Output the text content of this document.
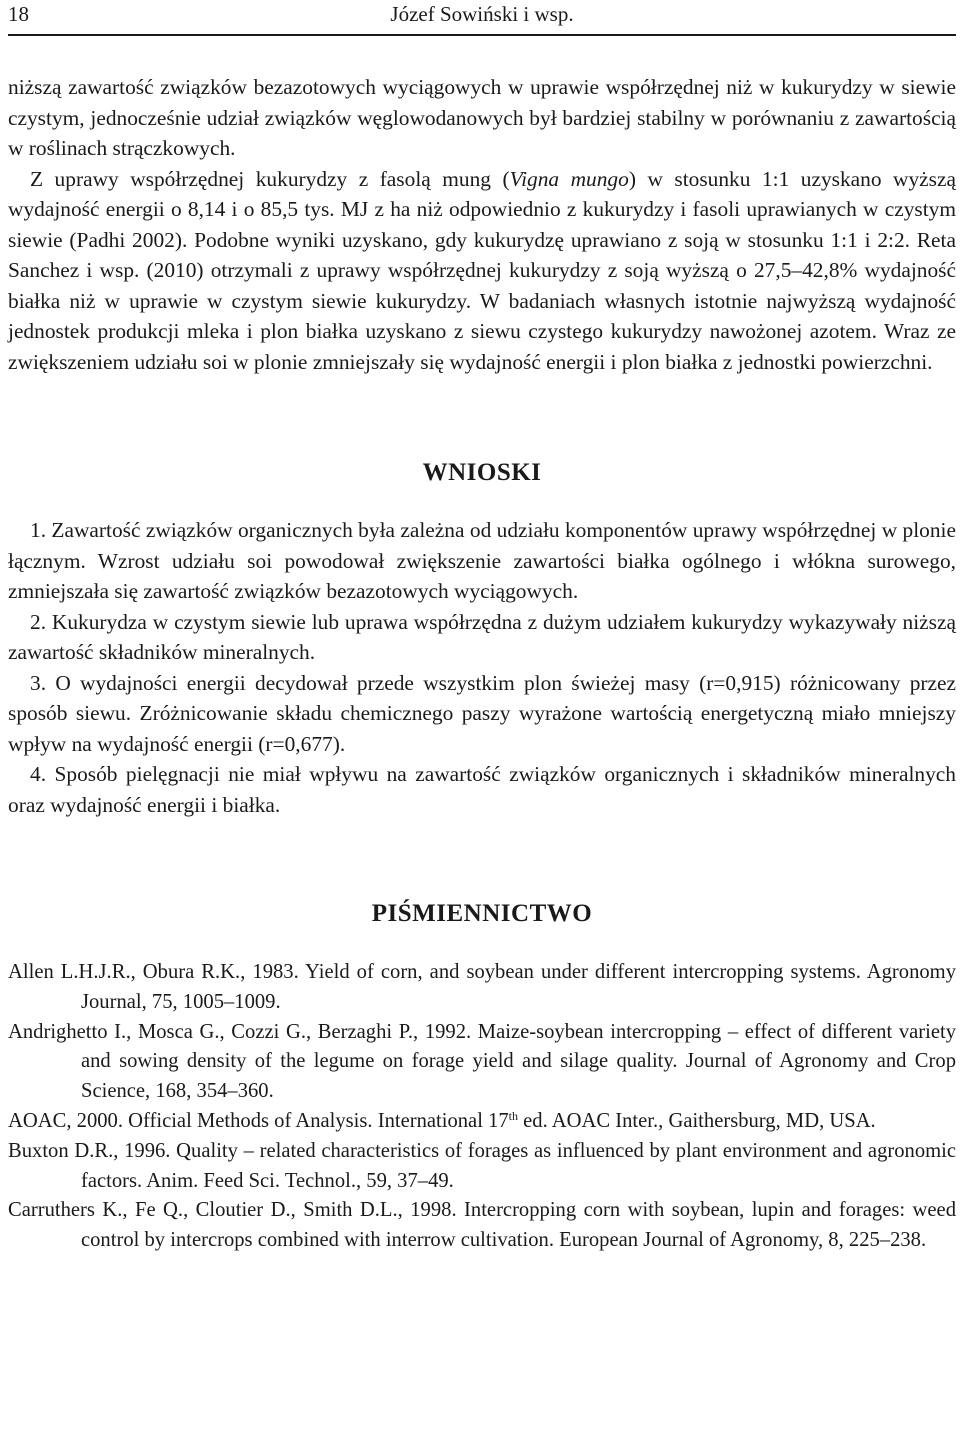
18	Józef Sowiński i wsp.

niższą zawartość związków bezazotowych wyciągowych w uprawie współrzędnej niż w kukurydzy w siewie czystym, jednocześnie udział związków węglowodanowych był bardziej stabilny w porównaniu z zawartością w roślinach strączkowych.

Z uprawy współrzędnej kukurydzy z fasolą mung (Vigna mungo) w stosunku 1:1 uzyskano wyższą wydajność energii o 8,14 i o 85,5 tys. MJ z ha niż odpowiednio z kukurydzy i fasoli uprawianych w czystym siewie (Padhi 2002). Podobne wyniki uzyskano, gdy kukurydzę uprawiano z soją w stosunku 1:1 i 2:2. Reta Sanchez i wsp. (2010) otrzymali z uprawy współrzędnej kukurydzy z soją wyższą o 27,5–42,8% wydajność białka niż w uprawie w czystym siewie kukurydzy. W badaniach własnych istotnie najwyższą wydajność jednostek produkcji mleka i plon białka uzyskano z siewu czystego kukurydzy nawożonej azotem. Wraz ze zwiększeniem udziału soi w plonie zmniejszały się wydajność energii i plon białka z jednostki powierzchni.

WNIOSKI

1. Zawartość związków organicznych była zależna od udziału komponentów uprawy współrzędnej w plonie łącznym. Wzrost udziału soi powodował zwiększenie zawartości białka ogólnego i włókna surowego, zmniejszała się zawartość związków bezazotowych wyciągowych.

2. Kukurydza w czystym siewie lub uprawa współrzędna z dużym udziałem kukurydzy wykazywały niższą zawartość składników mineralnych.

3. O wydajności energii decydował przede wszystkim plon świeżej masy (r=0,915) różnicowany przez sposób siewu. Zróżnicowanie składu chemicznego paszy wyrażone wartością energetyczną miało mniejszy wpływ na wydajność energii (r=0,677).

4. Sposób pielęgnacji nie miał wpływu na zawartość związków organicznych i składników mineralnych oraz wydajność energii i białka.

PIŚMIENNICTWO

Allen L.H.J.R., Obura R.K., 1983. Yield of corn, and soybean under different intercropping systems. Agronomy Journal, 75, 1005–1009.

Andrighetto I., Mosca G., Cozzi G., Berzaghi P., 1992. Maize-soybean intercropping – effect of different variety and sowing density of the legume on forage yield and silage quality. Journal of Agronomy and Crop Science, 168, 354–360.

AOAC, 2000. Official Methods of Analysis. International 17th ed. AOAC Inter., Gaithersburg, MD, USA.

Buxton D.R., 1996. Quality – related characteristics of forages as influenced by plant environment and agronomic factors. Anim. Feed Sci. Technol., 59, 37–49.

Carruthers K., Fe Q., Cloutier D., Smith D.L., 1998. Intercropping corn with soybean, lupin and forages: weed control by intercrops combined with interrow cultivation. European Journal of Agronomy, 8, 225–238.
